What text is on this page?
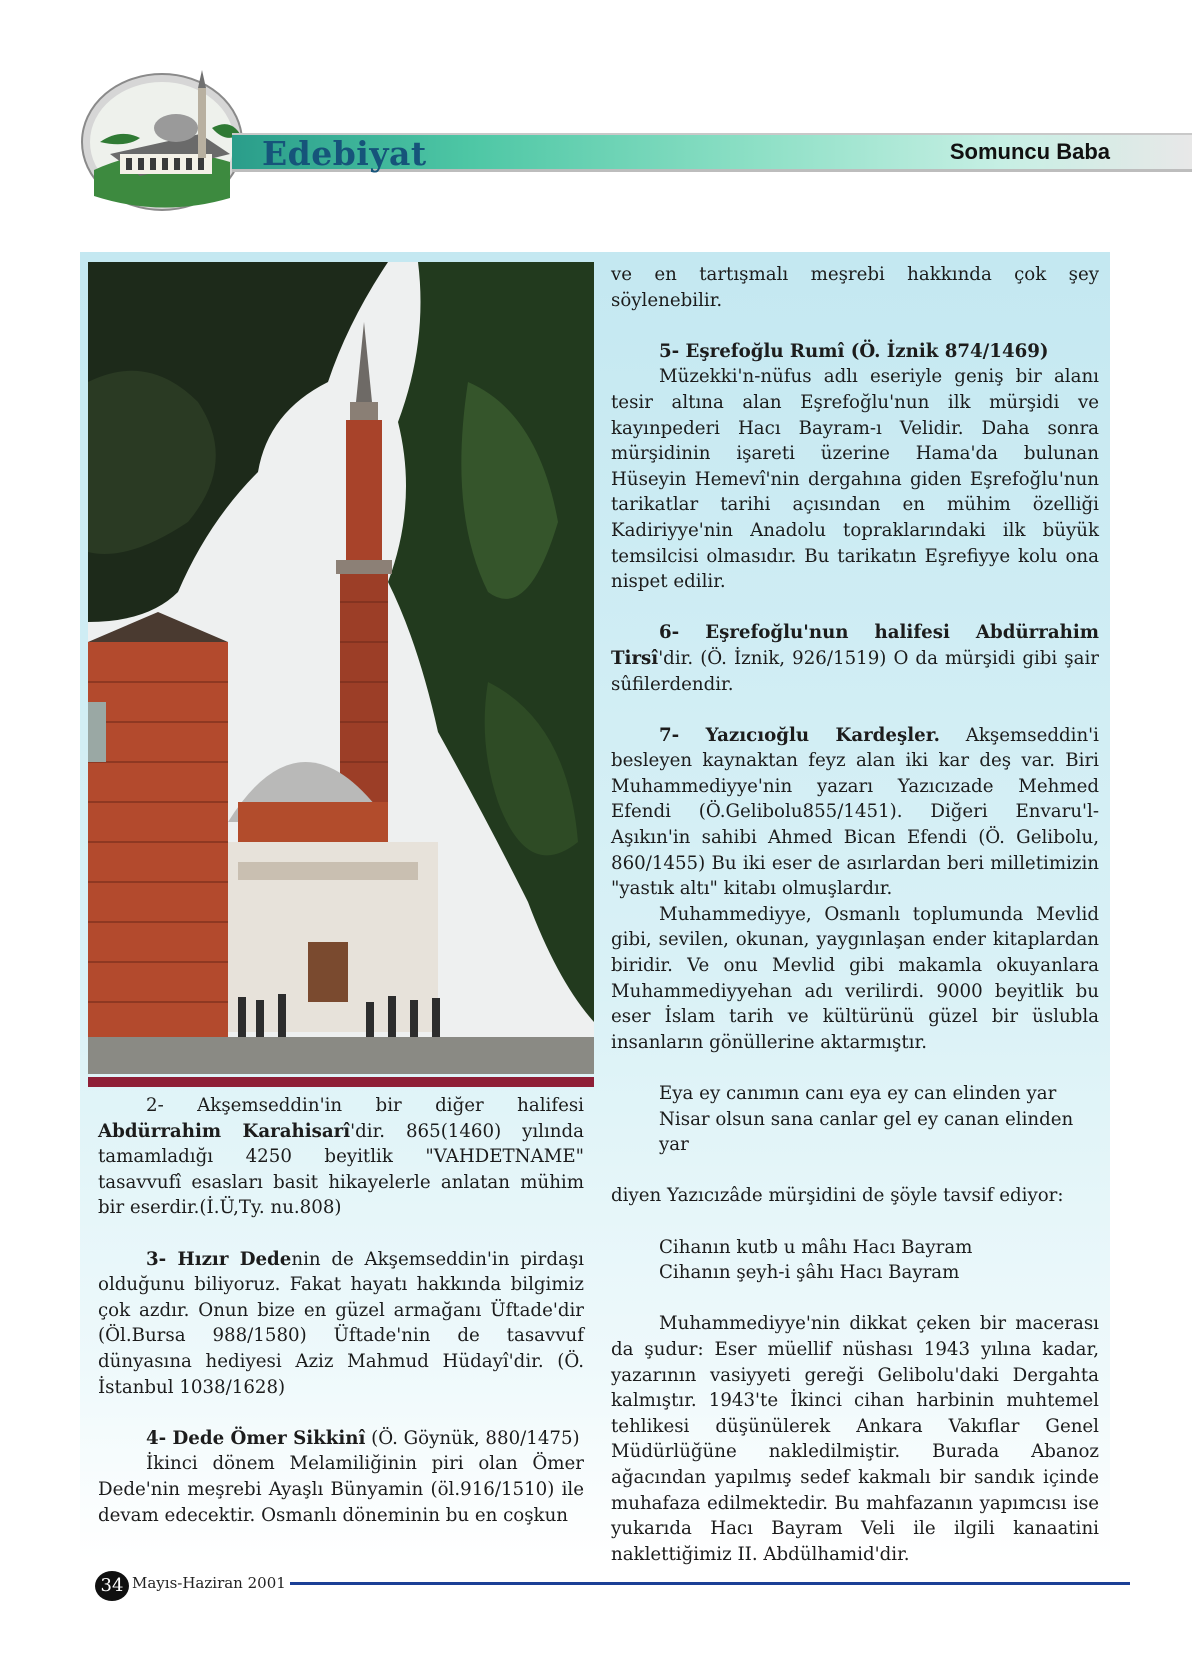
Edebiyat	Somuncu Baba

2- Akşemseddin'in bir diğer halifesi Abdürrahim Karahisarî'dir. 865(1460) yılında tamamladığı 4250 beyitlik "VAHDETNAME" tasavvufî esasları basit hikayelerle anlatan mühim bir eserdir.(İ.Ü,Ty. nu.808)

3- Hızır Dedenin de Akşemseddin'in pirdaşı olduğunu biliyoruz. Fakat hayatı hakkında bilgimiz çok azdır. Onun bize en güzel armağanı Üftade'dir (Öl.Bursa 988/1580) Üftade'nin de tasavvuf dünyasına hediyesi Aziz Mahmud Hüdayî'dir. (Ö. İstanbul 1038/1628)

4- Dede Ömer Sikkinî (Ö. Göynük, 880/1475)

İkinci dönem Melamiliğinin piri olan Ömer Dede'nin meşrebi Ayaşlı Bünyamin (öl.916/1510) ile devam edecektir. Osmanlı döneminin bu en coşkun

ve en tartışmalı meşrebi hakkında çok şey söylenebilir.

5- Eşrefoğlu Rumî (Ö. İznik 874/1469)

Müzekki'n-nüfus adlı eseriyle geniş bir alanı tesir altına alan Eşrefoğlu'nun ilk mürşidi ve kayınpederi Hacı Bayram-ı Velidir. Daha sonra mürşidinin işareti üzerine Hama'da bulunan Hüseyin Hemevî'nin dergahına giden Eşrefoğlu'nun tarikatlar tarihi açısından en mühim özelliği Kadiriyye'nin Anadolu topraklarındaki ilk büyük temsilcisi olmasıdır. Bu tarikatın Eşrefiyye kolu ona nispet edilir.

6- Eşrefoğlu'nun halifesi Abdürrahim Tirsî'dir. (Ö. İznik, 926/1519) O da mürşidi gibi şair sûfilerdendir.

7- Yazıcıoğlu Kardeşler. Akşemseddin'i besleyen kaynaktan feyz alan iki kar deş var. Biri Muhammediyye'nin yazarı Yazıcızade Mehmed Efendi (Ö.Gelibolu855/1451). Diğeri Envaru'l-Aşıkın'in sahibi Ahmed Bican Efendi (Ö. Gelibolu, 860/1455) Bu iki eser de asırlardan beri milletimizin "yastık altı" kitabı olmuşlardır.

Muhammediyye, Osmanlı toplumunda Mevlid gibi, sevilen, okunan, yaygınlaşan ender kitaplardan biridir. Ve onu Mevlid gibi makamla okuyanlara Muhammediyyehan adı verilirdi. 9000 beyitlik bu eser İslam tarih ve kültürünü güzel bir üslubla insanların gönüllerine aktarmıştır.

Eya ey canımın canı eya ey can elinden yar

Nisar olsun sana canlar gel ey canan elinden yar

diyen Yazıcızâde mürşidini de şöyle tavsif ediyor:

Cihanın kutb u mâhı Hacı Bayram

Cihanın şeyh-i şâhı Hacı Bayram

Muhammediyye'nin dikkat çeken bir macerası da şudur: Eser müellif nüshası 1943 yılına kadar, yazarının vasiyyeti gereği Gelibolu'daki Dergahta kalmıştır. 1943'te İkinci cihan harbinin muhtemel tehlikesi düşünülerek Ankara Vakıflar Genel Müdürlüğüne nakledilmiştir. Burada Abanoz ağacından yapılmış sedef kakmalı bir sandık içinde muhafaza edilmektedir. Bu mahfazanın yapımcısı ise yukarıda Hacı Bayram Veli ile ilgili kanaatini naklettiğimiz II. Abdülhamid'dir.

34 Mayıs-Haziran 2001
